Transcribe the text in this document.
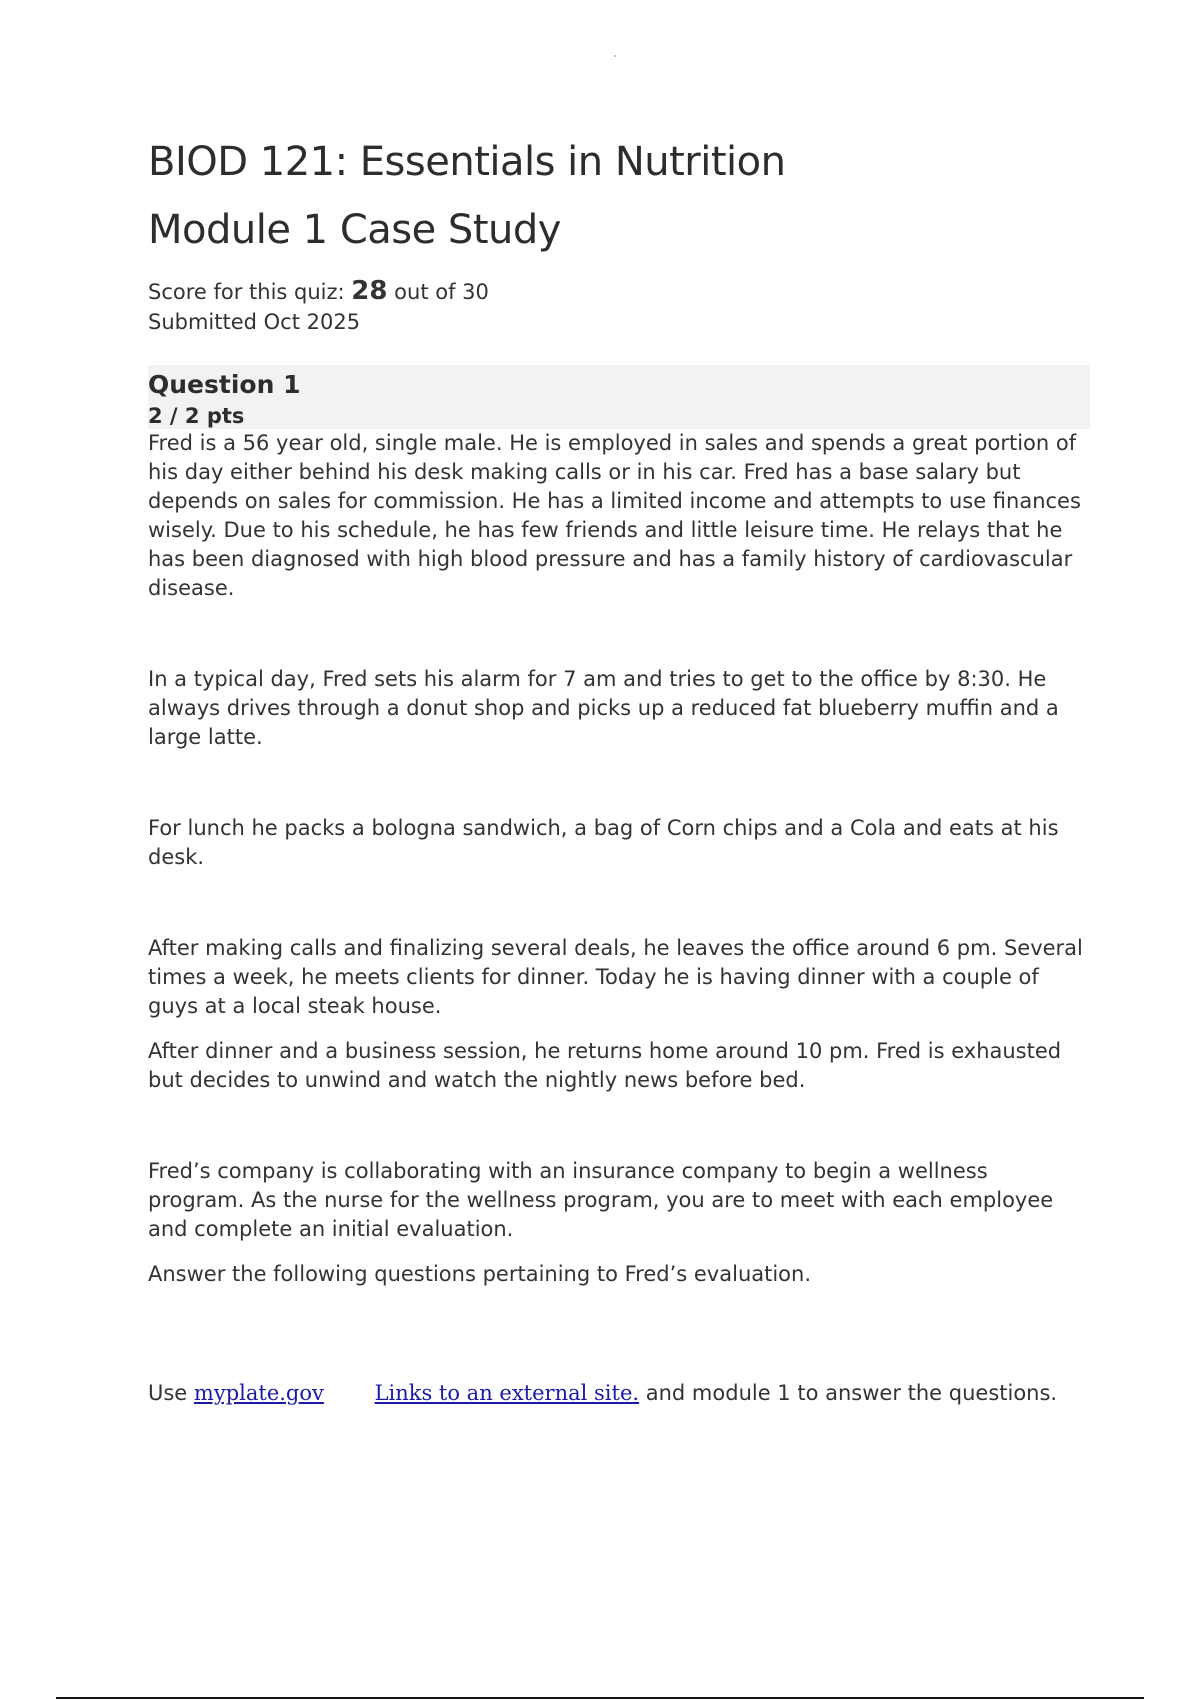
BIOD 121: Essentials in Nutrition
Module 1 Case Study
Score for this quiz: 28 out of 30
Submitted Oct 2025
Question 1
2 / 2 pts

Fred is a 56 year old, single male. He is employed in sales and spends a great portion of his day either behind his desk making calls or in his car. Fred has a base salary but depends on sales for commission. He has a limited income and attempts to use finances wisely. Due to his schedule, he has few friends and little leisure time. He relays that he has been diagnosed with high blood pressure and has a family history of cardiovascular disease.

In a typical day, Fred sets his alarm for 7 am and tries to get to the office by 8:30. He always drives through a donut shop and picks up a reduced fat blueberry muffin and a large latte.

For lunch he packs a bologna sandwich, a bag of Corn chips and a Cola and eats at his desk.

After making calls and finalizing several deals, he leaves the office around 6 pm. Several times a week, he meets clients for dinner. Today he is having dinner with a couple of guys at a local steak house.

After dinner and a business session, he returns home around 10 pm. Fred is exhausted but decides to unwind and watch the nightly news before bed.

Fred’s company is collaborating with an insurance company to begin a wellness program. As the nurse for the wellness program, you are to meet with each employee and complete an initial evaluation.

Answer the following questions pertaining to Fred’s evaluation.

Use myplate.gov Links to an external site. and module 1 to answer the questions.
